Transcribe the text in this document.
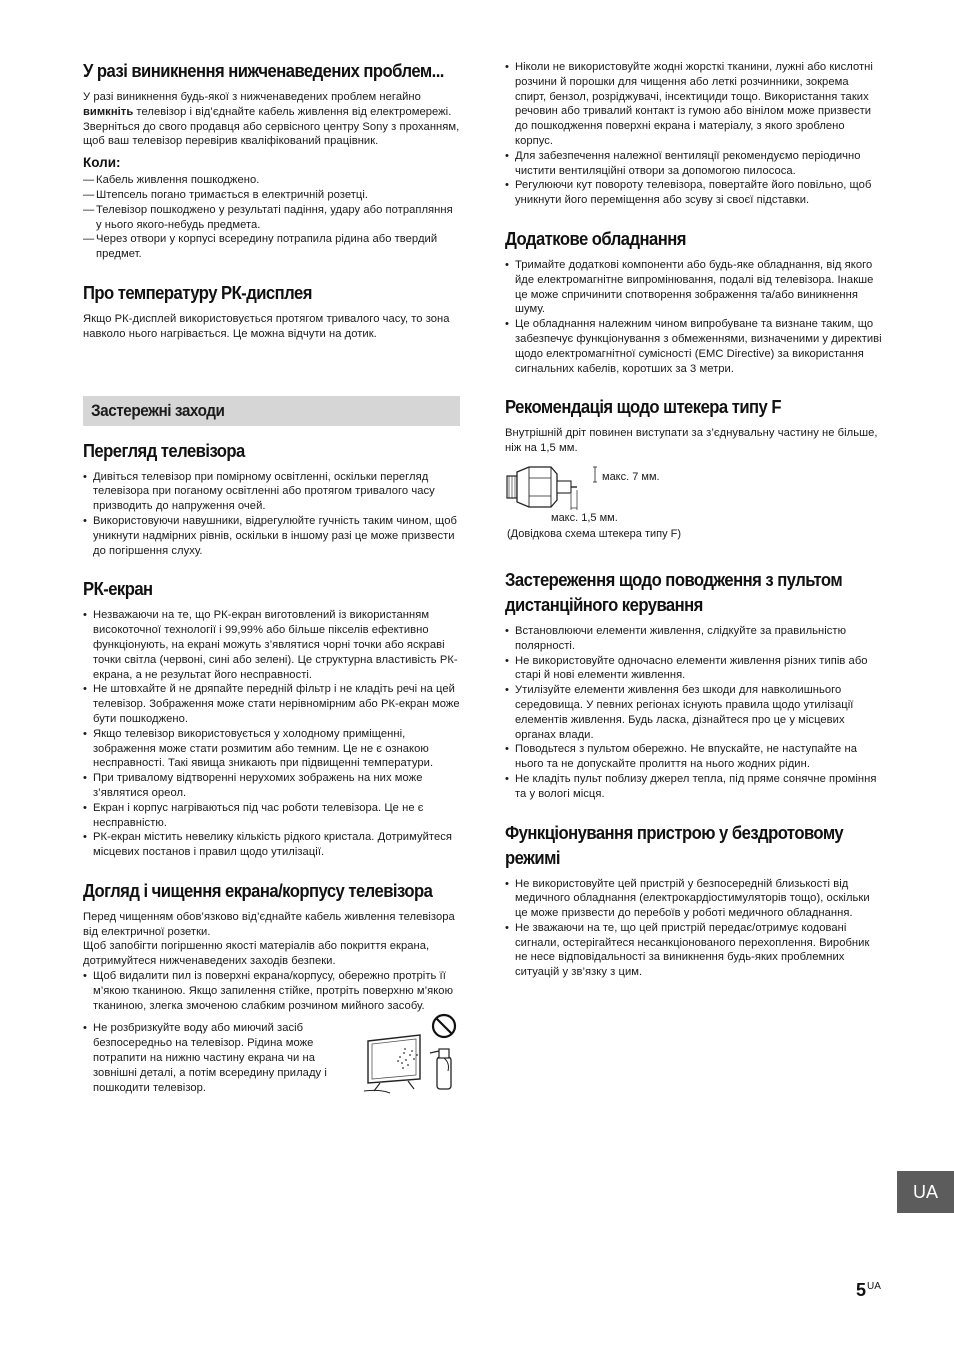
У разі виникнення нижченаведених проблем...

У разі виникнення будь-якої з нижченаведених проблем негайно вимкніть телевізор і від’єднайте кабель живлення від електромережі.

Зверніться до свого продавця або сервісного центру Sony з проханням, щоб ваш телевізор перевірив кваліфікований працівник.

Коли:
— Кабель живлення пошкоджено.
— Штепсель погано тримається в електричній розетці.
— Телевізор пошкоджено у результаті падіння, удару або потрапляння у нього якого-небудь предмета.
— Через отвори у корпусі всередину потрапила рідина або твердий предмет.
Про температуру РК-дисплея

Якщо РК-дисплей використовується протягом тривалого часу, то зона навколо нього нагрівається. Це можна відчути на дотик.

Застережні заходи
Перегляд телевізора
• Дивіться телевізор при помірному освітленні, оскільки перегляд телевізора при поганому освітленні або протягом тривалого часу призводить до напруження очей.
• Використовуючи навушники, відрегулюйте гучність таким чином, щоб уникнути надмірних рівнів, оскільки в іншому разі це може призвести до погіршення слуху.
РК-екран
• Незважаючи на те, що РК-екран виготовлений із використанням високоточної технології і 99,99% або більше пікселів ефективно функціонують, на екрані можуть з’являтися чорні точки або яскраві точки світла (червоні, сині або зелені). Це структурна властивість РК-екрана, а не результат його несправності.
• Не штовхайте й не дряпайте передній фільтр і не кладіть речі на цей телевізор. Зображення може стати нерівномірним або РК-екран може бути пошкоджено.
• Якщо телевізор використовується у холодному приміщенні, зображення може стати розмитим або темним. Це не є ознакою несправності. Такі явища зникають при підвищенні температури.
• При тривалому відтворенні нерухомих зображень на них може з’являтися ореол.
• Екран і корпус нагріваються під час роботи телевізора. Це не є несправністю.
• РК-екран містить невелику кількість рідкого кристала. Дотримуйтеся місцевих постанов і правил щодо утилізації.
Догляд і чищення екрана/корпусу телевізора

Перед чищенням обов’язково від’єднайте кабель живлення телевізора від електричної розетки.

Щоб запобігти погіршенню якості матеріалів або покриття екрана, дотримуйтеся нижченаведених заходів безпеки.

• Щоб видалити пил із поверхні екрана/корпусу, обережно протріть її м’якою тканиною. Якщо запилення стійке, протріть поверхню м’якою тканиною, злегка змоченою слабким розчином мийного засобу.
• Не розбризкуйте воду або миючий засіб безпосередньо на телевізор. Рідина може потрапити на нижню частину екрана чи на зовнішні деталі, а потім всередину приладу і пошкодити телевізор.
• Ніколи не використовуйте жодні жорсткі тканини, лужні або кислотні розчини й порошки для чищення або леткі розчинники, зокрема спирт, бензол, розріджувачі, інсектициди тощо. Використання таких речовин або тривалий контакт із гумою або вінілом може призвести до пошкодження поверхні екрана і матеріалу, з якого зроблено корпус.
• Для забезпечення належної вентиляції рекомендуємо періодично чистити вентиляційні отвори за допомогою пилососа.
• Регулюючи кут повороту телевізора, повертайте його повільно, щоб уникнути його переміщення або зсуву зі своєї підставки.
Додаткове обладнання
• Тримайте додаткові компоненти або будь-яке обладнання, від якого йде електромагнітне випромінювання, подалі від телевізора. Інакше це може спричинити спотворення зображення та/або виникнення шуму.
• Це обладнання належним чином випробуване та визнане таким, що забезпечує функціонування з обмеженнями, визначеними у директиві щодо електромагнітної сумісності (EMC Directive) за використання сигнальних кабелів, коротших за 3 метри.
Рекомендація щодо штекера типу F

Внутрішній дріт повинен виступати за з’єднувальну частину не більше, ніж на 1,5 мм.

макс. 7 мм.
макс. 1,5 мм.
(Довідкова схема штекера типу F)
Застереження щодо поводження з пультом дистанційного керування
• Встановлюючи елементи живлення, слідкуйте за правильністю полярності.
• Не використовуйте одночасно елементи живлення різних типів або старі й нові елементи живлення.
• Утилізуйте елементи живлення без шкоди для навколишнього середовища. У певних регіонах існують правила щодо утилізації елементів живлення. Будь ласка, дізнайтеся про це у місцевих органах влади.
• Поводьтеся з пультом обережно. Не впускайте, не наступайте на нього та не допускайте пролиття на нього жодних рідин.
• Не кладіть пульт поблизу джерел тепла, під пряме сонячне проміння та у вологі місця.
Функціонування пристрою у бездротовому режимі
• Не використовуйте цей пристрій у безпосередній близькості від медичного обладнання (електрокардіостимуляторів тощо), оскільки це може призвести до перебоїв у роботі медичного обладнання.
• Не зважаючи на те, що цей пристрій передає/отримує кодовані сигнали, остерігайтеся несанкціонованого перехоплення. Виробник не несе відповідальності за виникнення будь-яких проблемних ситуацій у зв’язку з цим.
UA
$5^{UA}$
